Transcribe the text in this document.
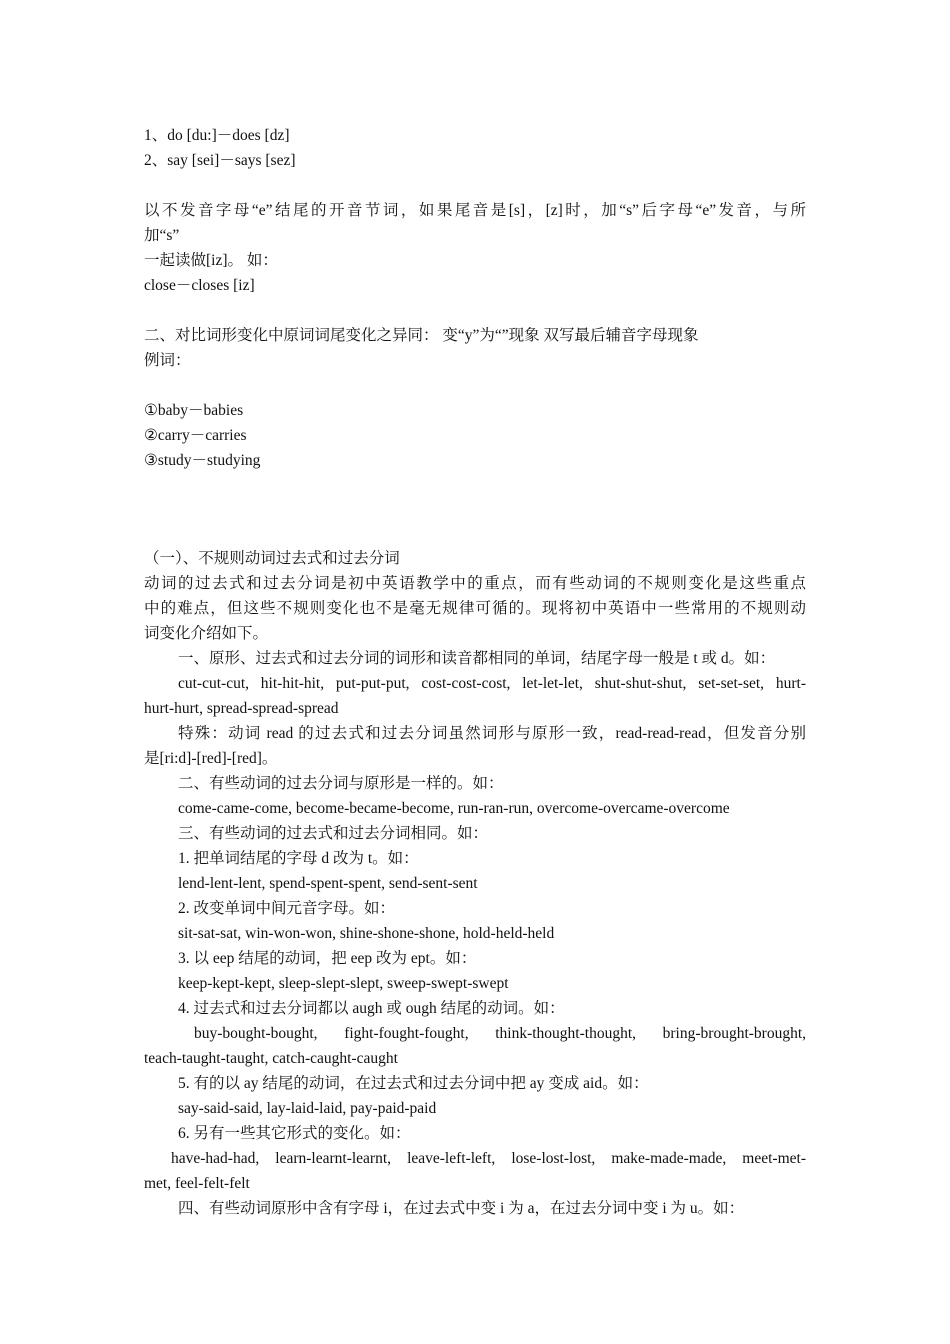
1、do [du:]－does [dz]
2、say [sei]－says [sez]
以不发音字母“e”结尾的开音节词，如果尾音是[s]，[z]时，加“s”后字母“e”发音，与所
加“s”
一起读做[iz]。 如：
close－closes [iz]
二、对比词形变化中原词词尾变化之异同： 变“y”为“”现象 双写最后辅音字母现象
例词：
①baby－babies
②carry－carries
③study－studying
（一）、不规则动词过去式和过去分词
动词的过去式和过去分词是初中英语教学中的重点，而有些动词的不规则变化是这些重点
中的难点，但这些不规则变化也不是毫无规律可循的。现将初中英语中一些常用的不规则动
词变化介绍如下。
一、原形、过去式和过去分词的词形和读音都相同的单词，结尾字母一般是 t 或 d。如：
cut-cut-cut, hit-hit-hit, put-put-put, cost-cost-cost, let-let-let, shut-shut-shut, set-set-set, hurt-
hurt-hurt, spread-spread-spread
特殊：动词 read 的过去式和过去分词虽然词形与原形一致，read-read-read，但发音分别
是[ri:d]-[red]-[red]。
二、有些动词的过去分词与原形是一样的。如：
come-came-come, become-became-become, run-ran-run, overcome-overcame-overcome
三、有些动词的过去式和过去分词相同。如：
1. 把单词结尾的字母 d 改为 t。如：
lend-lent-lent, spend-spent-spent, send-sent-sent
2. 改变单词中间元音字母。如：
sit-sat-sat, win-won-won, shine-shone-shone, hold-held-held
3. 以 eep 结尾的动词，把 eep 改为 ept。如：
keep-kept-kept, sleep-slept-slept, sweep-swept-swept
4. 过去式和过去分词都以 augh 或 ough 结尾的动词。如：
buy-bought-bought, fight-fought-fought, think-thought-thought, bring-brought-brought,
teach-taught-taught, catch-caught-caught
5. 有的以 ay 结尾的动词，在过去式和过去分词中把 ay 变成 aid。如：
say-said-said, lay-laid-laid, pay-paid-paid
6. 另有一些其它形式的变化。如：
have-had-had, learn-learnt-learnt, leave-left-left, lose-lost-lost, make-made-made, meet-met-
met, feel-felt-felt
四、有些动词原形中含有字母 i，在过去式中变 i 为 a，在过去分词中变 i 为 u。如：
